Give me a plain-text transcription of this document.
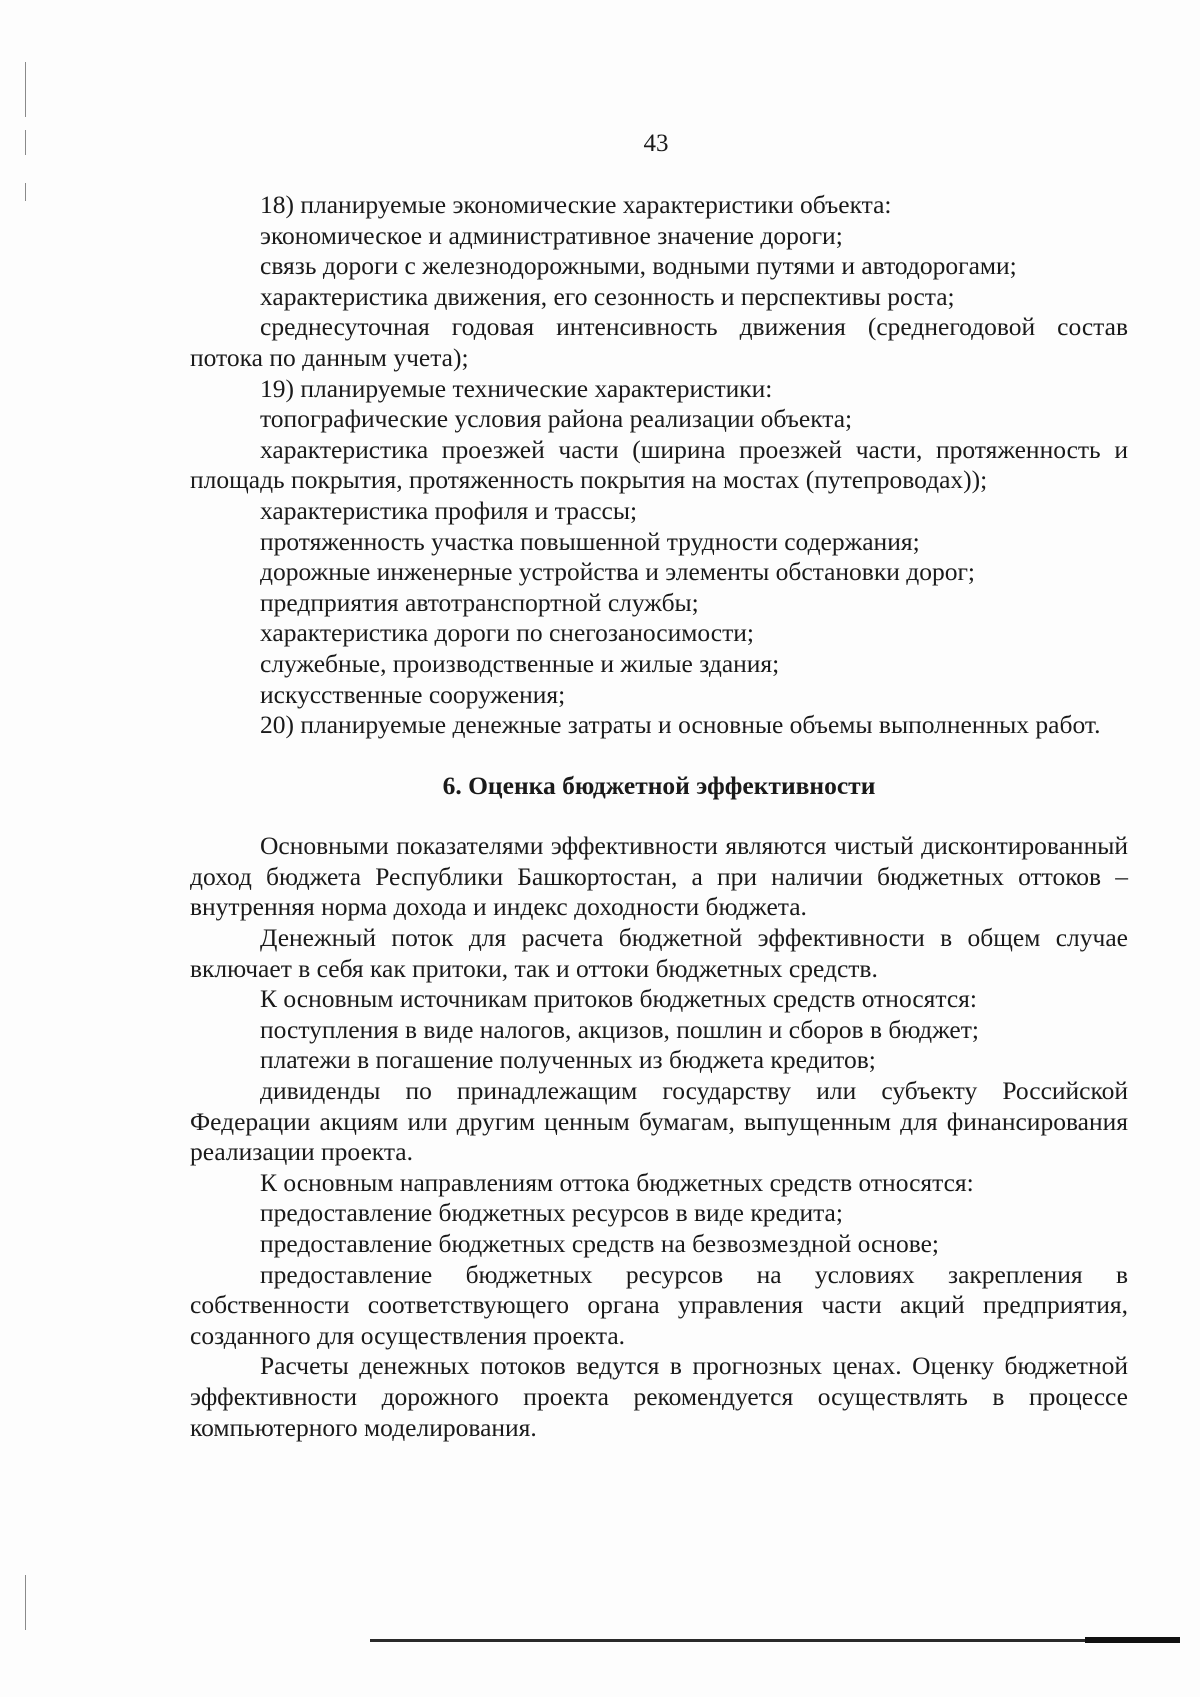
43

18) планируемые экономические характеристики объекта:

экономическое и административное значение дороги;

связь дороги с железнодорожными, водными путями и автодорогами;

характеристика движения, его сезонность и перспективы роста;

среднесуточная годовая интенсивность движения (среднегодовой состав потока по данным учета);

19) планируемые технические характеристики:

топографические условия района реализации объекта;

характеристика проезжей части (ширина проезжей части, протяженность и площадь покрытия, протяженность покрытия на мостах (путепроводах));

характеристика профиля и трассы;

протяженность участка повышенной трудности содержания;

дорожные инженерные устройства и элементы обстановки дорог;

предприятия автотранспортной службы;

характеристика дороги по снегозаносимости;

служебные, производственные и жилые здания;

искусственные сооружения;

20) планируемые денежные затраты и основные объемы выполненных работ.

6. Оценка бюджетной эффективности

Основными показателями эффективности являются чистый дисконтированный доход бюджета Республики Башкортостан, а при наличии бюджетных оттоков – внутренняя норма дохода и индекс доходности бюджета.

Денежный поток для расчета бюджетной эффективности в общем случае включает в себя как притоки, так и оттоки бюджетных средств.

К основным источникам притоков бюджетных средств относятся:

поступления в виде налогов, акцизов, пошлин и сборов в бюджет;

платежи в погашение полученных из бюджета кредитов;

дивиденды по принадлежащим государству или субъекту Российской Федерации акциям или другим ценным бумагам, выпущенным для финансирования реализации проекта.

К основным направлениям оттока бюджетных средств относятся:

предоставление бюджетных ресурсов в виде кредита;

предоставление бюджетных средств на безвозмездной основе;

предоставление бюджетных ресурсов на условиях закрепления в собственности соответствующего органа управления части акций предприятия, созданного для осуществления проекта.

Расчеты денежных потоков ведутся в прогнозных ценах. Оценку бюджетной эффективности дорожного проекта рекомендуется осуществлять в процессе компьютерного моделирования.
